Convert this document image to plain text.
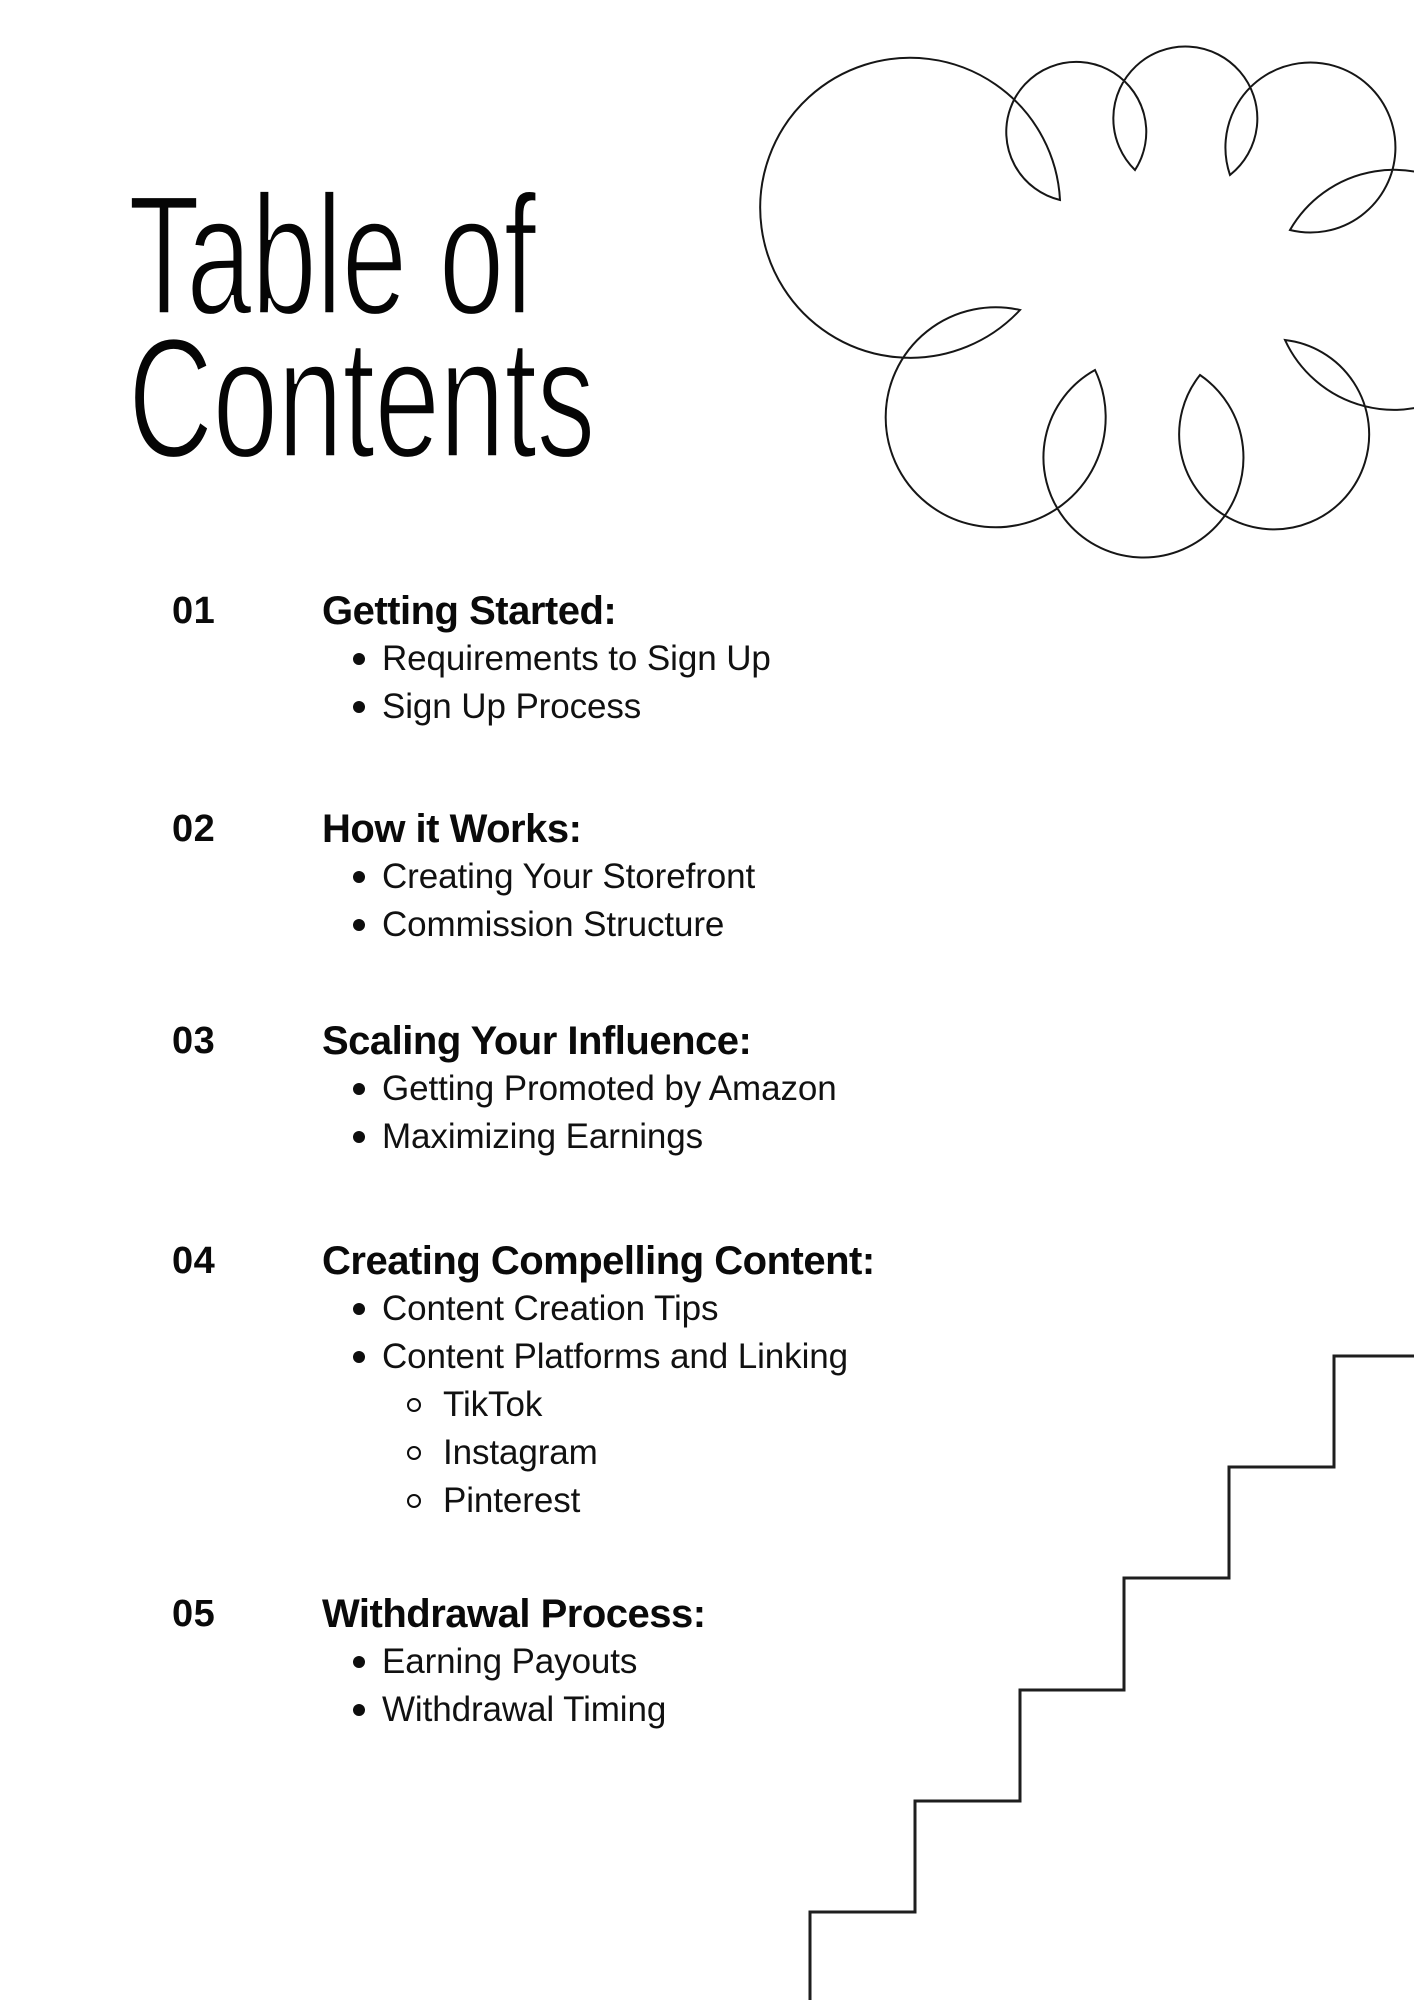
Table of
Contents
01	Getting Started:
Requirements to Sign Up
Sign Up Process
02	How it Works:
Creating Your Storefront
Commission Structure
03	Scaling Your Influence:
Getting Promoted by Amazon
Maximizing Earnings
04	Creating Compelling Content:
Content Creation Tips
Content Platforms and Linking
TikTok
Instagram
Pinterest
05	Withdrawal Process:
Earning Payouts
Withdrawal Timing
